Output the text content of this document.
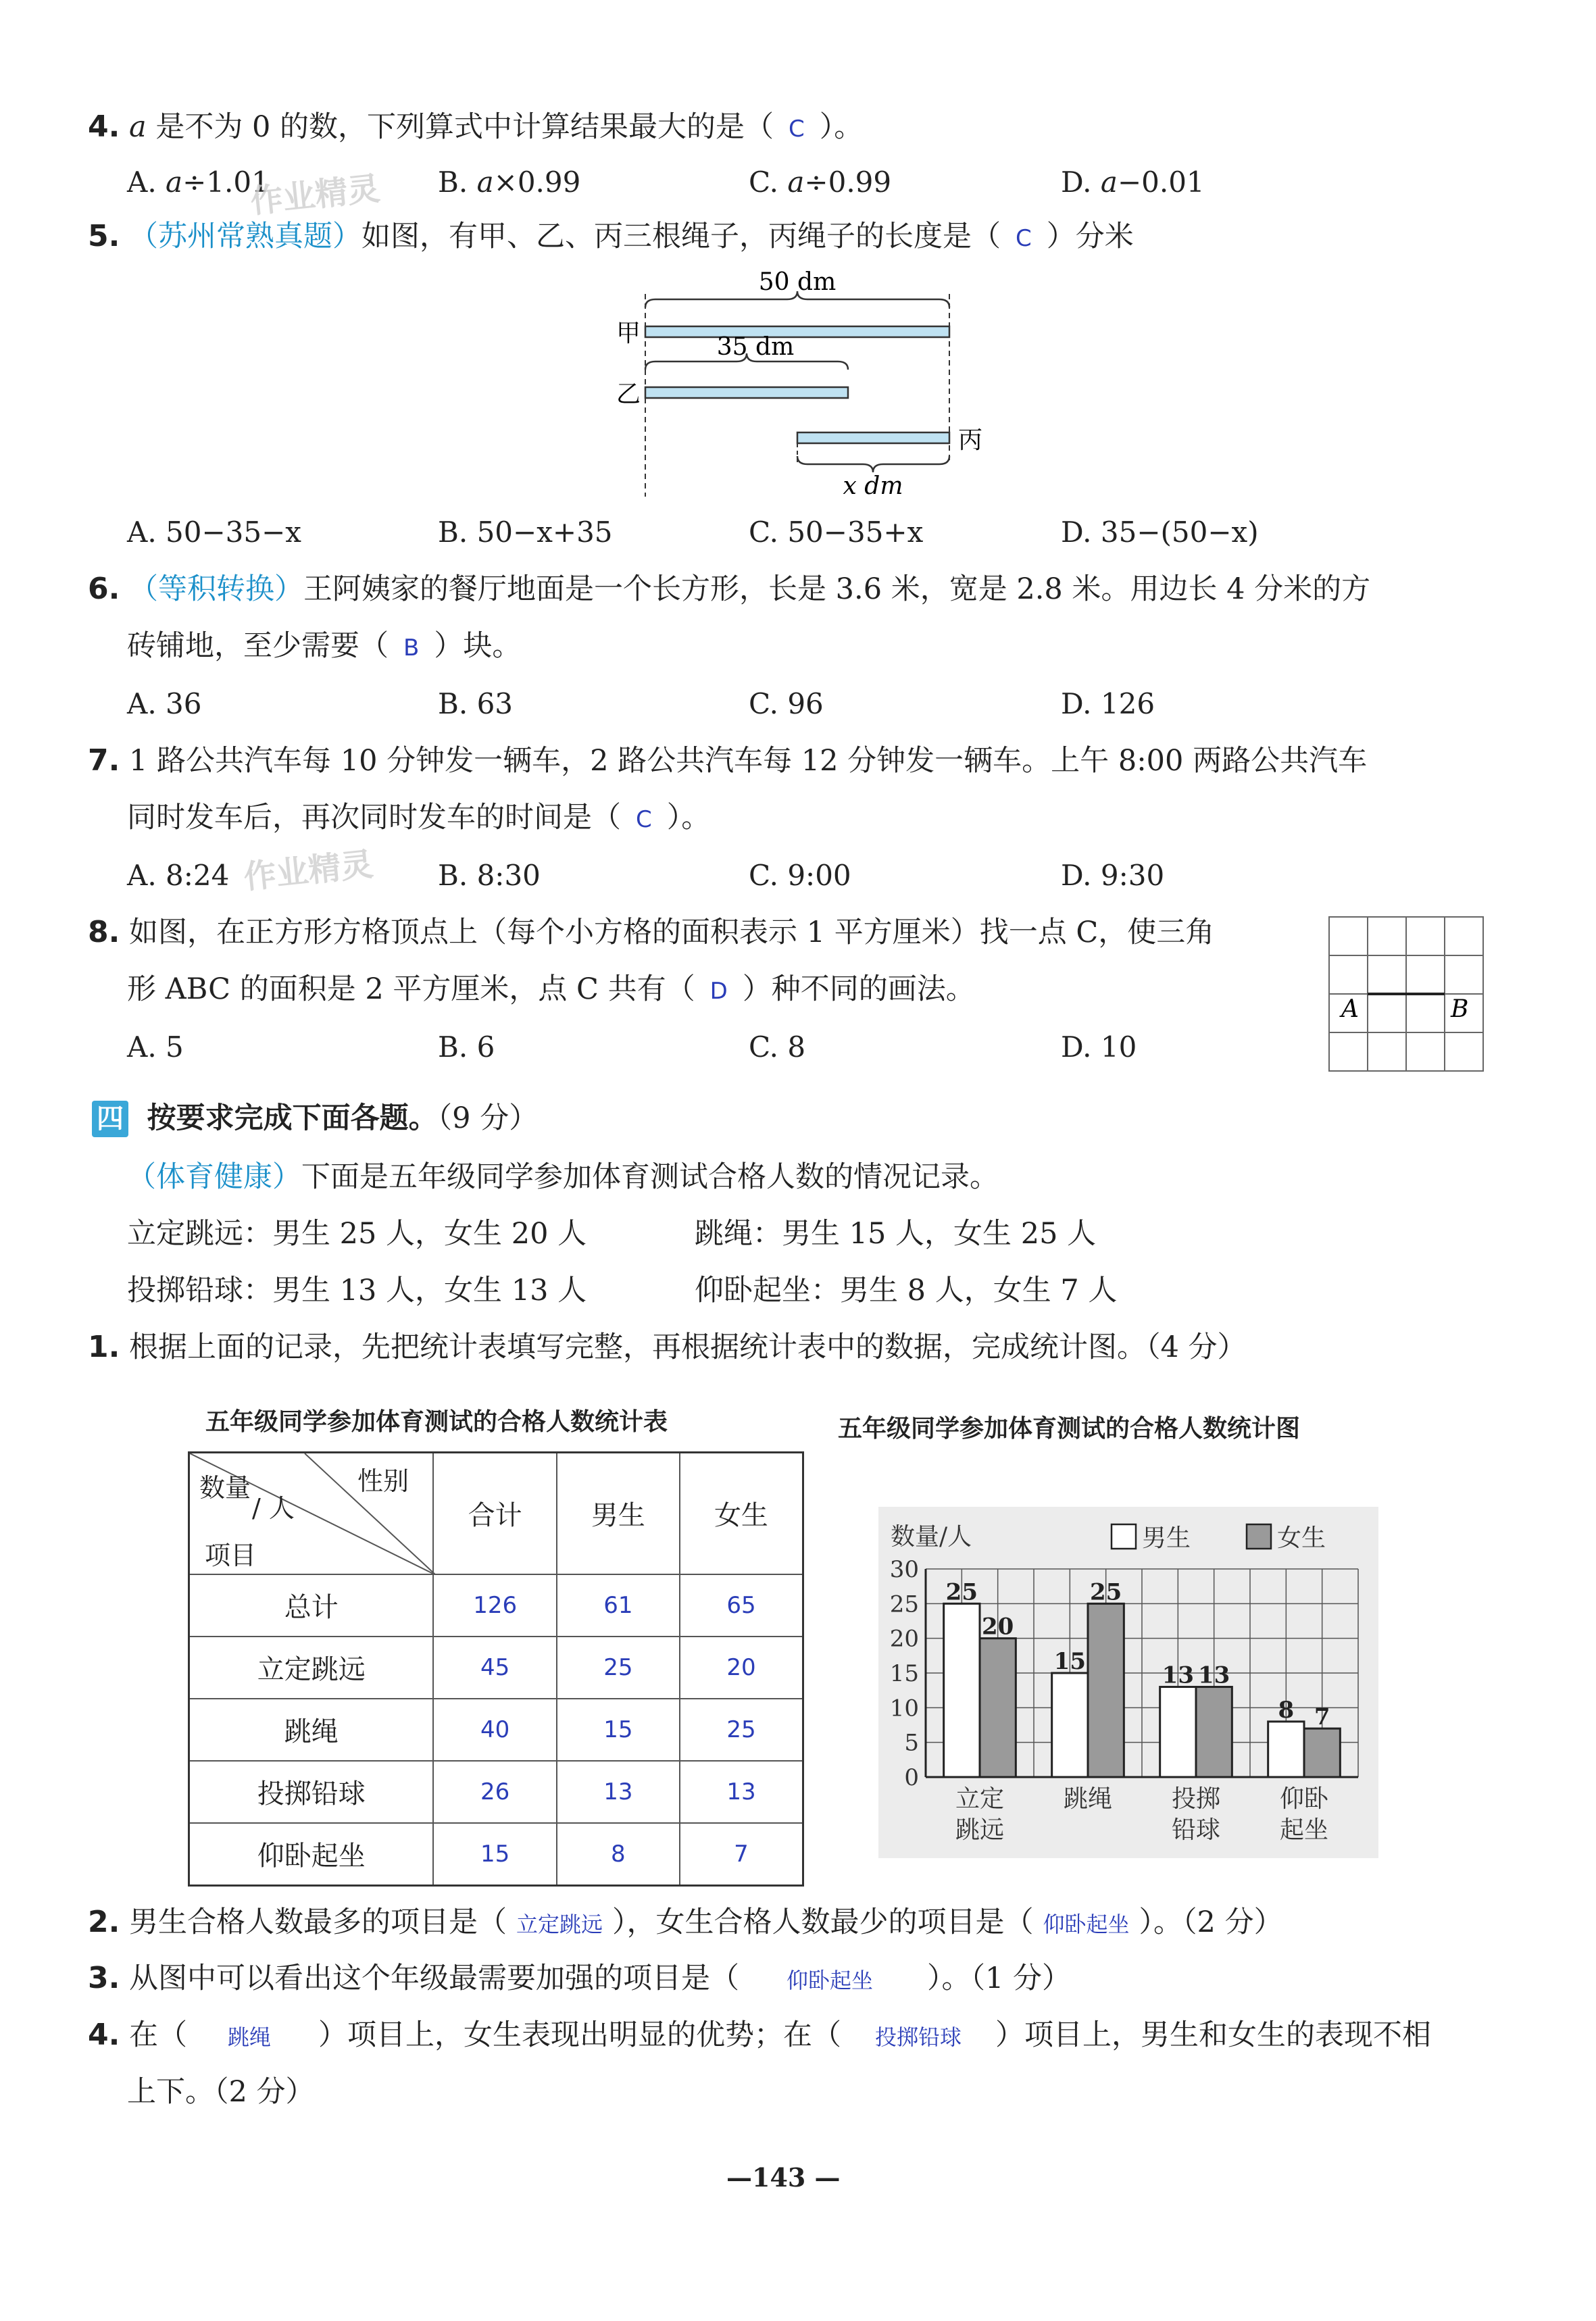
4. a 是不为 0 的数，下列算式中计算结果最大的是（ C ）。
A. a÷1.01	B. a×0.99	C. a÷0.99	D. a−0.01
作业精灵
5. （苏州常熟真题）如图，有甲、乙、丙三根绳子，丙绳子的长度是（ C ）分米
50 dm
35 dm
x dm
甲
乙
丙
A. 50−35−x	B. 50−x+35	C. 50−35+x	D. 35−(50−x)
6. （等积转换）王阿姨家的餐厅地面是一个长方形，长是 3.6 米，宽是 2.8 米。用边长 4 分米的方
砖铺地，至少需要（ B ）块。
A. 36	B. 63	C. 96	D. 126
7. 1 路公共汽车每 10 分钟发一辆车，2 路公共汽车每 12 分钟发一辆车。上午 8:00 两路公共汽车
同时发车后，再次同时发车的时间是（ C ）。
A. 8:24	B. 8:30	C. 9:00	D. 9:30
作业精灵
8. 如图，在正方形方格顶点上（每个小方格的面积表示 1 平方厘米）找一点 C，使三角
形 ABC 的面积是 2 平方厘米，点 C 共有（ D ）种不同的画法。
A. 5	B. 6	C. 8	D. 10
A	B
四 按要求完成下面各题。（9 分）
（体育健康）下面是五年级同学参加体育测试合格人数的情况记录。
立定跳远：男生 25 人，女生 20 人	跳绳：男生 15 人，女生 25 人
投掷铅球：男生 13 人，女生 13 人	仰卧起坐：男生 8 人，女生 7 人
1. 根据上面的记录，先把统计表填写完整，再根据统计表中的数据，完成统计图。（4 分）
五年级同学参加体育测试的合格人数统计表
性别
数量
/ 人
项目	合计	男生	女生
总计	126	61	65
立定跳远	45	25	20
跳绳	40	15	25
投掷铅球	26	13	13
仰卧起坐	15	8	7
五年级同学参加体育测试的合格人数统计图
0
5
10
15
20
25
30
数量/人	男生	女生
25
20
立定
跳远
15
25
跳绳
13 13
投掷
铅球
8 7
仰卧
起坐
2. 男生合格人数最多的项目是（ 立定跳远 ），女生合格人数最少的项目是（ 仰卧起坐 ）。（2 分）
3. 从图中可以看出这个年级最需要加强的项目是（ 仰卧起坐 ）。（1 分）
4. 在（ 跳绳 ）项目上，女生表现出明显的优势；在（ 投掷铅球 ）项目上，男生和女生的表现不相
上下。（2 分）
—143 —
